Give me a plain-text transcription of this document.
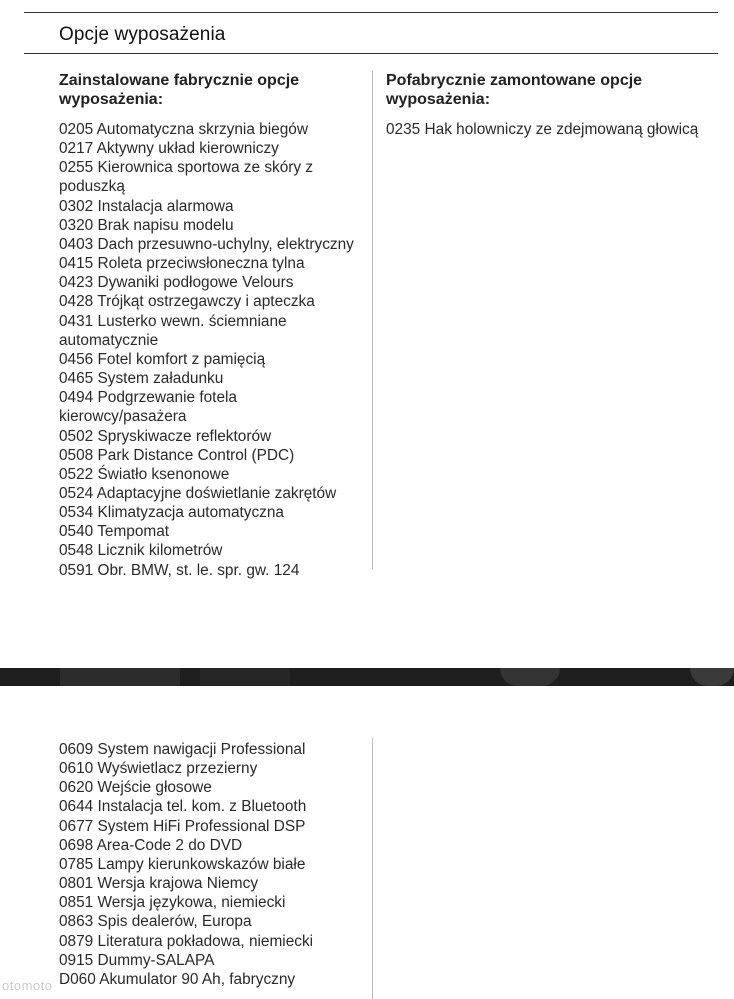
Opcje wyposażenia
Zainstalowane fabrycznie opcje wyposażenia:
Pofabrycznie zamontowane opcje wyposażenia:
0205 Automatyczna skrzynia biegów
0217 Aktywny układ kierowniczy
0255 Kierownica sportowa ze skóry z poduszką
0302 Instalacja alarmowa
0320 Brak napisu modelu
0403 Dach przesuwno-uchylny, elektryczny
0415 Roleta przeciwsłoneczna tylna
0423 Dywaniki podłogowe Velours
0428 Trójkąt ostrzegawczy i apteczka
0431 Lusterko wewn. ściemniane automatycznie
0456 Fotel komfort z pamięcią
0465 System załadunku
0494 Podgrzewanie fotela kierowcy/pasażera
0502 Spryskiwacze reflektorów
0508 Park Distance Control (PDC)
0522 Światło ksenonowe
0524 Adaptacyjne doświetlanie zakrętów
0534 Klimatyzacja automatyczna
0540 Tempomat
0548 Licznik kilometrów
0591 Obr. BMW, st. le. spr. gw. 124
0235 Hak holowniczy ze zdejmowaną głowicą
0609 System nawigacji Professional
0610 Wyświetlacz przezierny
0620 Wejście głosowe
0644 Instalacja tel. kom. z Bluetooth
0677 System HiFi Professional DSP
0698 Area-Code 2 do DVD
0785 Lampy kierunkowskazów białe
0801 Wersja krajowa Niemcy
0851 Wersja językowa, niemiecki
0863 Spis dealerów, Europa
0879 Literatura pokładowa, niemiecki
0915 Dummy-SALAPA
D060 Akumulator 90 Ah, fabryczny
otomoto
